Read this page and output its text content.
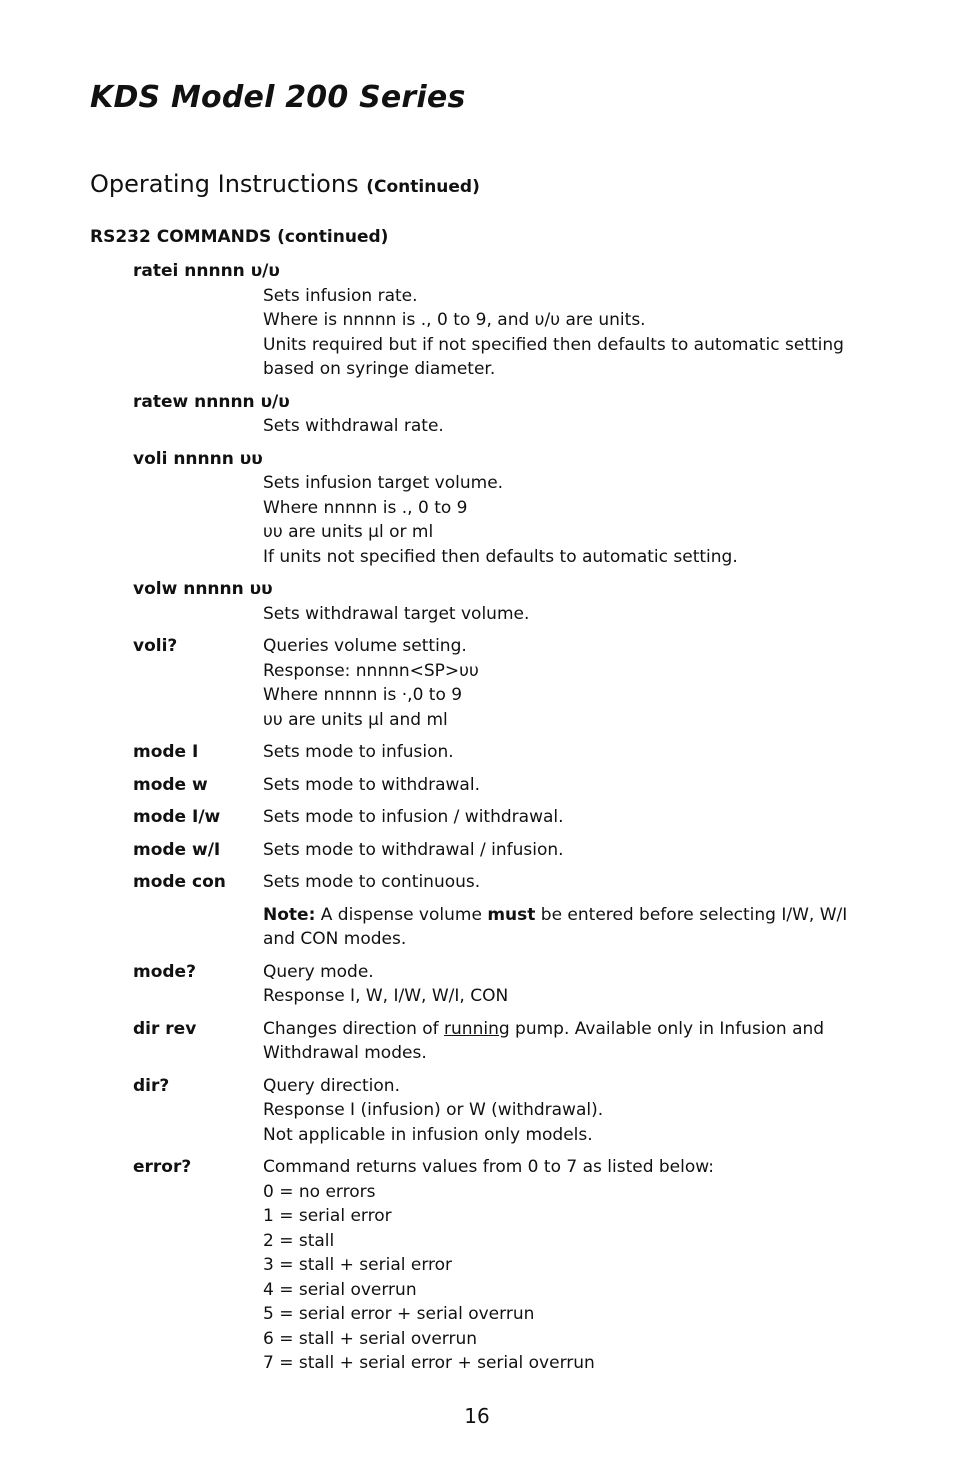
KDS Model 200 Series
Operating Instructions (Continued)
RS232 COMMANDS (continued)
ratei nnnnn υ/υ
Sets infusion rate.
Where is nnnnn is ., 0 to 9, and υ/υ are units.
Units required but if not specified then defaults to automatic setting
based on syringe diameter.
ratew nnnnn υ/υ
Sets withdrawal rate.
voli nnnnn υυ
Sets infusion target volume.
Where nnnnn is ., 0 to 9
υυ are units µl or ml
If units not specified then defaults to automatic setting.
volw nnnnn υυ
Sets withdrawal target volume.
voli?	Queries volume setting.
Response: nnnnn<SP>υυ
Where nnnnn is ·,0 to 9
υυ are units µl and ml
mode I	Sets mode to infusion.
mode w	Sets mode to withdrawal.
mode I/w	Sets mode to infusion / withdrawal.
mode w/I	Sets mode to withdrawal / infusion.
mode con	Sets mode to continuous.
Note: A dispense volume must be entered before selecting I/W, W/I
and CON modes.
mode?	Query mode.
Response I, W, I/W, W/I, CON
dir rev	Changes direction of running pump. Available only in Infusion and
Withdrawal modes.
dir?	Query direction.
Response I (infusion) or W (withdrawal).
Not applicable in infusion only models.
error?	Command returns values from 0 to 7 as listed below:
0 = no errors
1 = serial error
2 = stall
3 = stall + serial error
4 = serial overrun
5 = serial error + serial overrun
6 = stall + serial overrun
7 = stall + serial error + serial overrun
16
